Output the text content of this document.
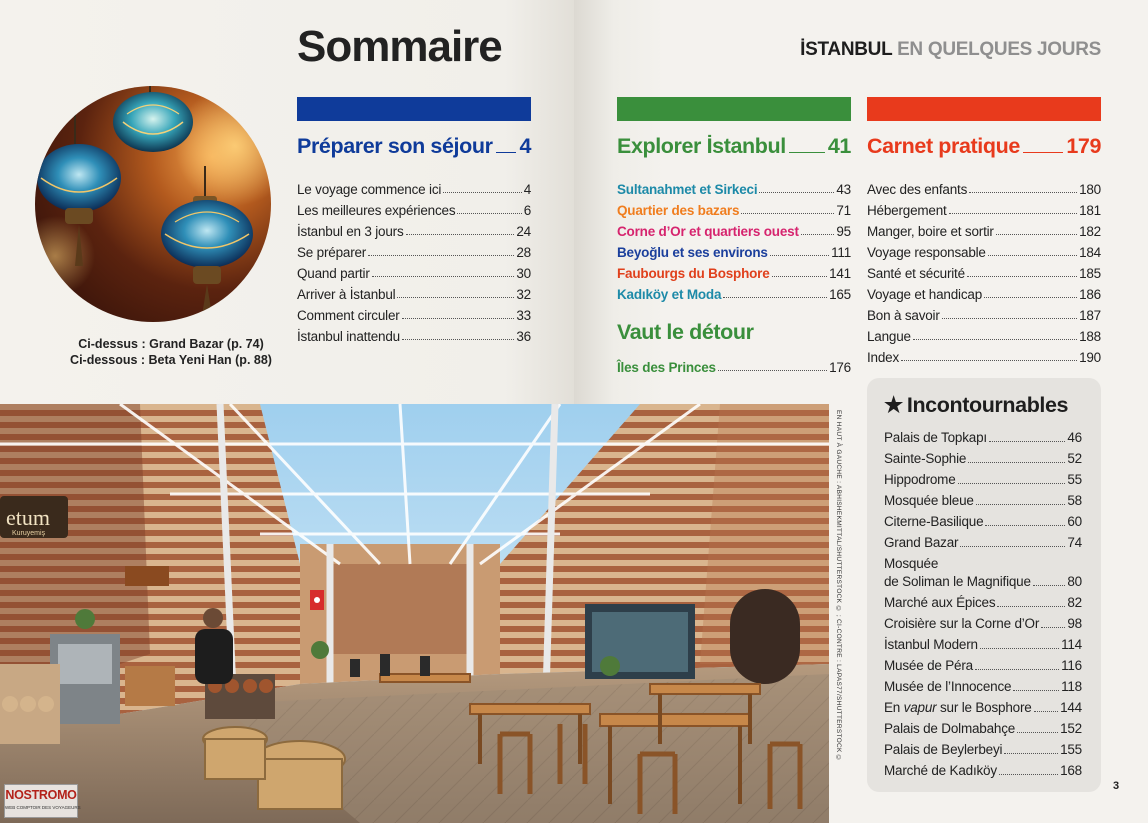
Sommaire	İSTANBUL EN QUELQUES JOURS
Ci-dessus : Grand Bazar (p. 74)
Ci-dessous : Beta Yeni Han (p. 88)
Préparer son séjour 4
Le voyage commence ici	4
Les meilleures expériences	6
İstanbul en 3 jours	24
Se préparer	28
Quand partir	30
Arriver à İstanbul	32
Comment circuler	33
İstanbul inattendu	36
Explorer İstanbul 41
Sultanahmet et Sirkeci	43
Quartier des bazars	71
Corne d’Or et quartiers ouest	95
Beyoğlu et ses environs	111
Faubourgs du Bosphore	141
Kadıköy et Moda	165
Vaut le détour
Îles des Princes	176
Carnet pratique 179
Avec des enfants	180
Hébergement	181
Manger, boire et sortir	182
Voyage responsable	184
Santé et sécurité	185
Voyage et handicap	186
Bon à savoir	187
Langue	188
Index	190
etum
Kuruyemiş	EN HAUT À GAUCHE : ABHISHEKMITTAL/SHUTTERSTOCK © ; CI-CONTRE : LAPAS77/SHUTTERSTOCK ©
NOSTROMO
WEB COMPTOIR DES VOYAGEURS
★ Incontournables
Palais de Topkapı	46
Sainte-Sophie	52
Hippodrome	55
Mosquée bleue	58
Citerne-Basilique	60
Grand Bazar	74
Mosquée
de Soliman le Magnifique	80
Marché aux Épices	82
Croisière sur la Corne d’Or 98
İstanbul Modern	114
Musée de Péra	116
Musée de l’Innocence	118
En vapur sur le Bosphore 144
Palais de Dolmabahçe	152
Palais de Beylerbeyi	155
Marché de Kadıköy	168
3
